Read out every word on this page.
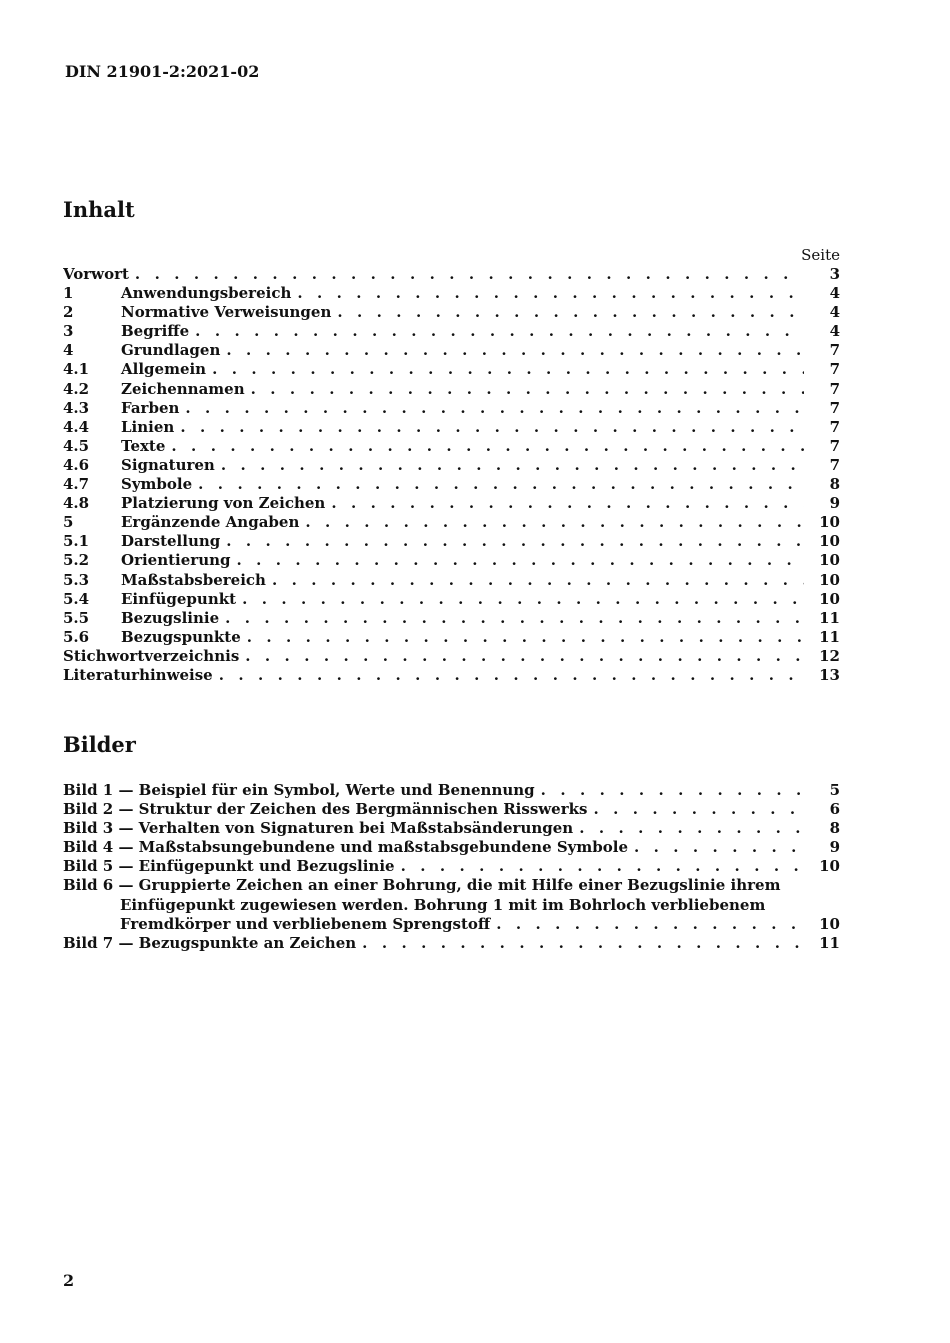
DIN 21901-2:2021-02
Inhalt
Seite
Vorwort . . .	3
1	Anwendungsbereich . . .	4
2	Normative Verweisungen . . .	4
3	Begriffe . . .	4
4	Grundlagen . . .	7
4.1	Allgemein . . .	7
4.2	Zeichennamen . . .	7
4.3	Farben . . .	7
4.4	Linien . . .	7
4.5	Texte . . .	7
4.6	Signaturen . . .	7
4.7	Symbole . . .	8
4.8	Platzierung von Zeichen . . .	9
5	Ergänzende Angaben . . .	10
5.1	Darstellung . . .	10
5.2	Orientierung . . .	10
5.3	Maßstabsbereich . . .	10
5.4	Einfügepunkt . . .	10
5.5	Bezugslinie . . .	11
5.6	Bezugspunkte . . .	11
Stichwortverzeichnis . . .	12
Literaturhinweise . . .	13
Bilder
Bild 1 — Beispiel für ein Symbol, Werte und Benennung . . .	5
Bild 2 — Struktur der Zeichen des Bergmännischen Risswerks . . .	6
Bild 3 — Verhalten von Signaturen bei Maßstabsänderungen . . .	8
Bild 4 — Maßstabsungebundene und maßstabsgebundene Symbole . . .	9
Bild 5 — Einfügepunkt und Bezugslinie . . .	10
Bild 6 — Gruppierte Zeichen an einer Bohrung, die mit Hilfe einer Bezugslinie ihrem
Einfügepunkt zugewiesen werden. Bohrung 1 mit im Bohrloch verbliebenem
Fremdkörper und verbliebenem Sprengstoff . . .	10
Bild 7 — Bezugspunkte an Zeichen . . .	11
2
